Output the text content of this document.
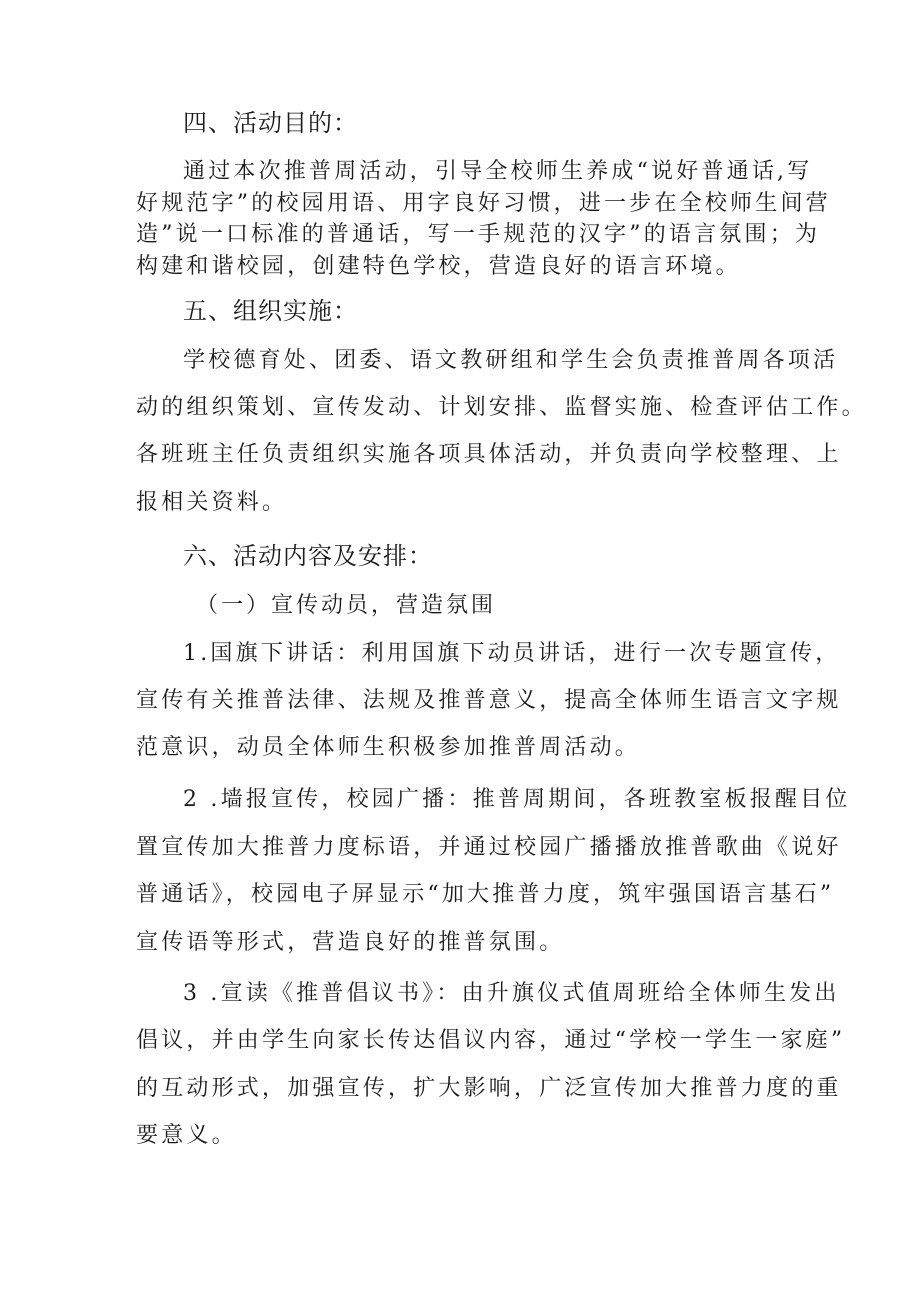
四、活动目的：
通过本次推普周活动，引导全校师生养成“说好普通话,写
好规范字”的校园用语、用字良好习惯，进一步在全校师生间营
造”说一口标准的普通话，写一手规范的汉字”的语言氛围；为
构建和谐校园，创建特色学校，营造良好的语言环境。
五、组织实施：
学校德育处、团委、语文教研组和学生会负责推普周各项活
动的组织策划、宣传发动、计划安排、监督实施、检查评估工作。
各班班主任负责组织实施各项具体活动，并负责向学校整理、上
报相关资料。
六、活动内容及安排：
（一）宣传动员，营造氛围
1.国旗下讲话：利用国旗下动员讲话，进行一次专题宣传，
宣传有关推普法律、法规及推普意义，提高全体师生语言文字规
范意识，动员全体师生积极参加推普周活动。
2 .墙报宣传，校园广播：推普周期间，各班教室板报醒目位
置宣传加大推普力度标语，并通过校园广播播放推普歌曲《说好
普通话》，校园电子屏显示“加大推普力度，筑牢强国语言基石”
宣传语等形式，营造良好的推普氛围。
3 .宣读《推普倡议书》：由升旗仪式值周班给全体师生发出
倡议，并由学生向家长传达倡议内容，通过“学校一学生一家庭”
的互动形式，加强宣传，扩大影响，广泛宣传加大推普力度的重
要意义。
